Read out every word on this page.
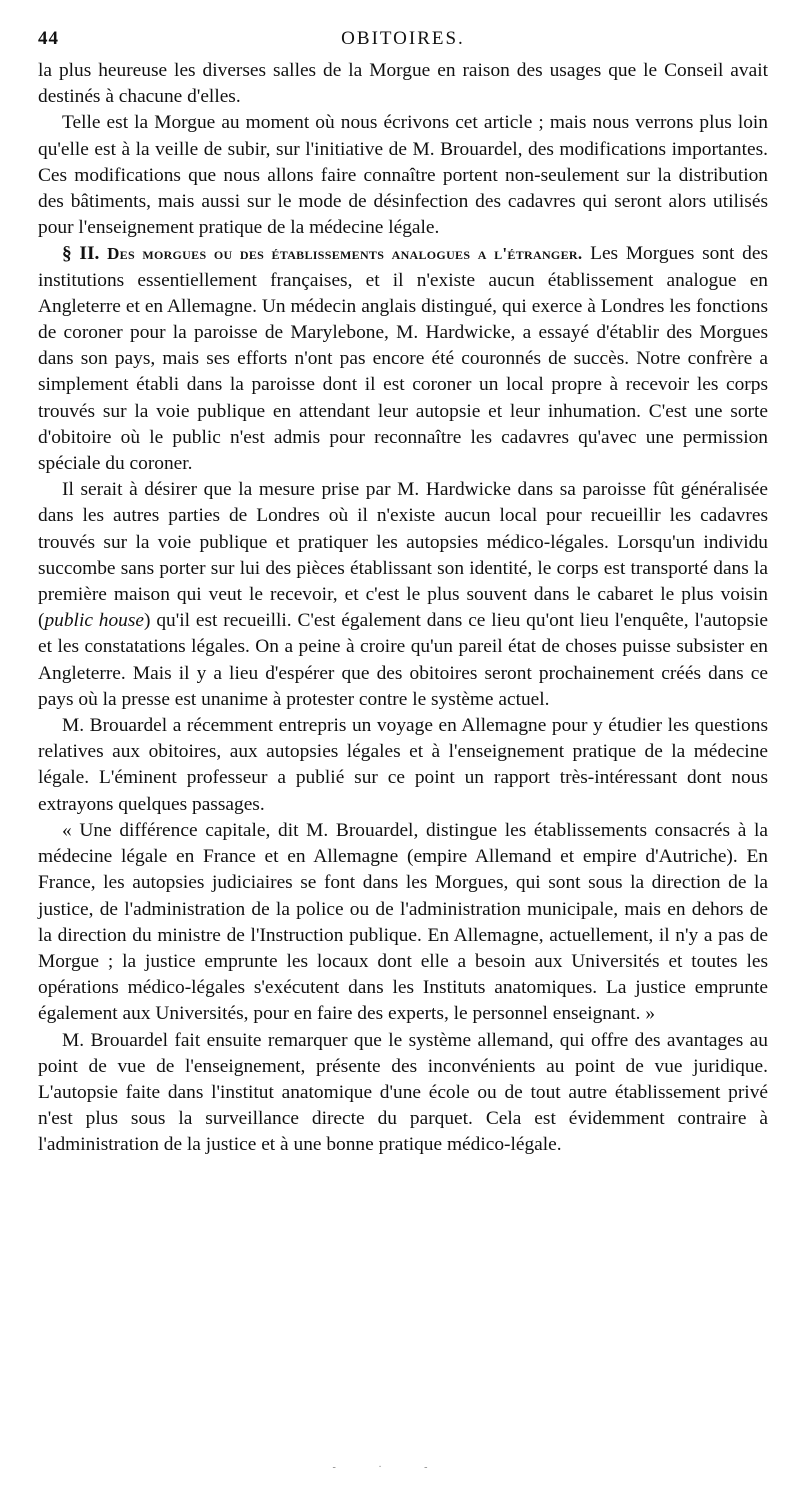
44	OBITOIRES.

la plus heureuse les diverses salles de la Morgue en raison des usages que le Conseil avait destinés à chacune d'elles.

Telle est la Morgue au moment où nous écrivons cet article ; mais nous verrons plus loin qu'elle est à la veille de subir, sur l'initiative de M. Brouardel, des modifications importantes. Ces modifications que nous allons faire connaître portent non-seulement sur la distribution des bâtiments, mais aussi sur le mode de désinfection des cadavres qui seront alors utilisés pour l'enseignement pratique de la médecine légale.

§ II. Des morgues ou des établissements analogues a l'étranger. Les Morgues sont des institutions essentiellement françaises, et il n'existe aucun établissement analogue en Angleterre et en Allemagne. Un médecin anglais distingué, qui exerce à Londres les fonctions de coroner pour la paroisse de Marylebone, M. Hardwicke, a essayé d'établir des Morgues dans son pays, mais ses efforts n'ont pas encore été couronnés de succès. Notre confrère a simplement établi dans la paroisse dont il est coroner un local propre à recevoir les corps trouvés sur la voie publique en attendant leur autopsie et leur inhumation. C'est une sorte d'obitoire où le public n'est admis pour reconnaître les cadavres qu'avec une permission spéciale du coroner.

Il serait à désirer que la mesure prise par M. Hardwicke dans sa paroisse fût généralisée dans les autres parties de Londres où il n'existe aucun local pour recueillir les cadavres trouvés sur la voie publique et pratiquer les autopsies médico-légales. Lorsqu'un individu succombe sans porter sur lui des pièces établissant son identité, le corps est transporté dans la première maison qui veut le recevoir, et c'est le plus souvent dans le cabaret le plus voisin (public house) qu'il est recueilli. C'est également dans ce lieu qu'ont lieu l'enquête, l'autopsie et les constatations légales. On a peine à croire qu'un pareil état de choses puisse subsister en Angleterre. Mais il y a lieu d'espérer que des obitoires seront prochainement créés dans ce pays où la presse est unanime à protester contre le système actuel.

M. Brouardel a récemment entrepris un voyage en Allemagne pour y étudier les questions relatives aux obitoires, aux autopsies légales et à l'enseignement pratique de la médecine légale. L'éminent professeur a publié sur ce point un rapport très-intéressant dont nous extrayons quelques passages.

« Une différence capitale, dit M. Brouardel, distingue les établissements consacrés à la médecine légale en France et en Allemagne (empire Allemand et empire d'Autriche). En France, les autopsies judiciaires se font dans les Morgues, qui sont sous la direction de la justice, de l'administration de la police ou de l'administration municipale, mais en dehors de la direction du ministre de l'Instruction publique. En Allemagne, actuellement, il n'y a pas de Morgue ; la justice emprunte les locaux dont elle a besoin aux Universités et toutes les opérations médico-légales s'exécutent dans les Instituts anatomiques. La justice emprunte également aux Universités, pour en faire des experts, le personnel enseignant. »

M. Brouardel fait ensuite remarquer que le système allemand, qui offre des avantages au point de vue de l'enseignement, présente des inconvénients au point de vue juridique. L'autopsie faite dans l'institut anatomique d'une école ou de tout autre établissement privé n'est plus sous la surveillance directe du parquet. Cela est évidemment contraire à l'administration de la justice et à une bonne pratique médico-légale.

- · -
